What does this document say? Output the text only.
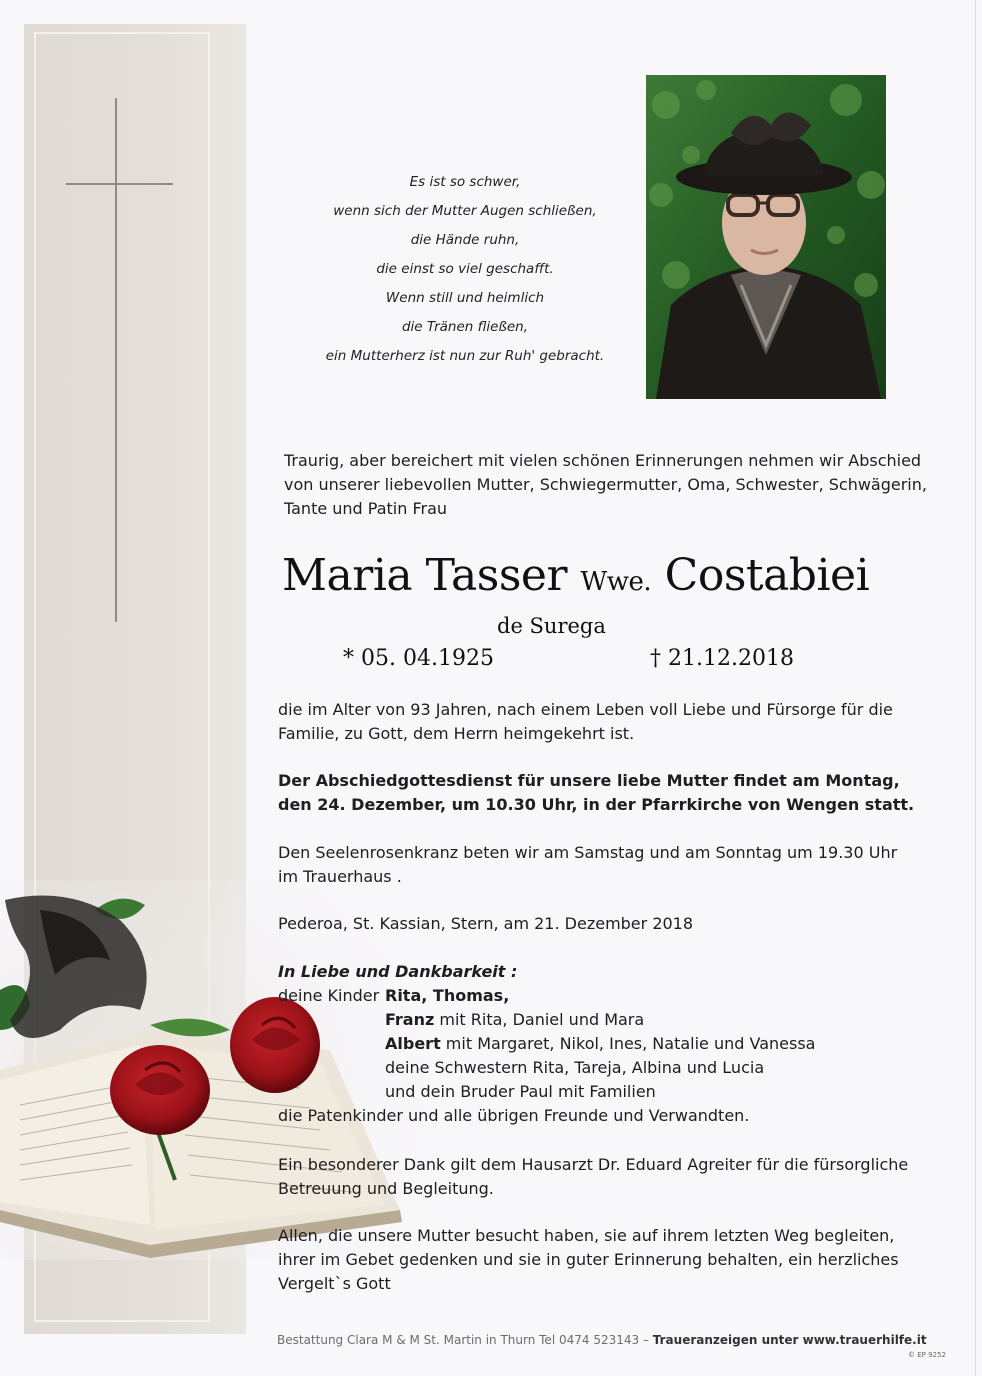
Es ist so schwer,
wenn sich der Mutter Augen schließen,
die Hände ruhn,
die einst so viel geschafft.
Wenn still und heimlich
die Tränen fließen,
ein Mutterherz ist nun zur Ruh' gebracht.
Traurig, aber bereichert mit vielen schönen Erinnerungen nehmen wir Abschied
von unserer liebevollen Mutter, Schwiegermutter, Oma, Schwester, Schwägerin,
Tante und Patin Frau
Maria Tasser Wwe. Costabiei
de Surega
* 05. 04.1925	† 21.12.2018
die im Alter von 93 Jahren, nach einem Leben voll Liebe und Fürsorge für die
Familie, zu Gott, dem Herrn heimgekehrt ist.
Der Abschiedgottesdienst für unsere liebe Mutter findet am Montag,
den 24. Dezember, um 10.30 Uhr, in der Pfarrkirche von Wengen statt.
Den Seelenrosenkranz beten wir am Samstag und am Sonntag um 19.30 Uhr
im Trauerhaus .
Pederoa, St. Kassian, Stern, am 21. Dezember 2018
In Liebe und Dankbarkeit :
deine Kinder Rita, Thomas,
Franz mit Rita, Daniel und Mara
Albert mit Margaret, Nikol, Ines, Natalie und Vanessa
deine Schwestern Rita, Tareja, Albina und Lucia
und dein Bruder Paul mit Familien
die Patenkinder und alle übrigen Freunde und Verwandten.
Ein besonderer Dank gilt dem Hausarzt Dr. Eduard Agreiter für die fürsorgliche
Betreuung und Begleitung.
Allen, die unsere Mutter besucht haben, sie auf ihrem letzten Weg begleiten,
ihrer im Gebet gedenken und sie in guter Erinnerung behalten, ein herzliches
Vergelt`s Gott
Bestattung Clara M & M St. Martin in Thurn Tel 0474 523143 – Traueranzeigen unter www.trauerhilfe.it
© EP 9252
